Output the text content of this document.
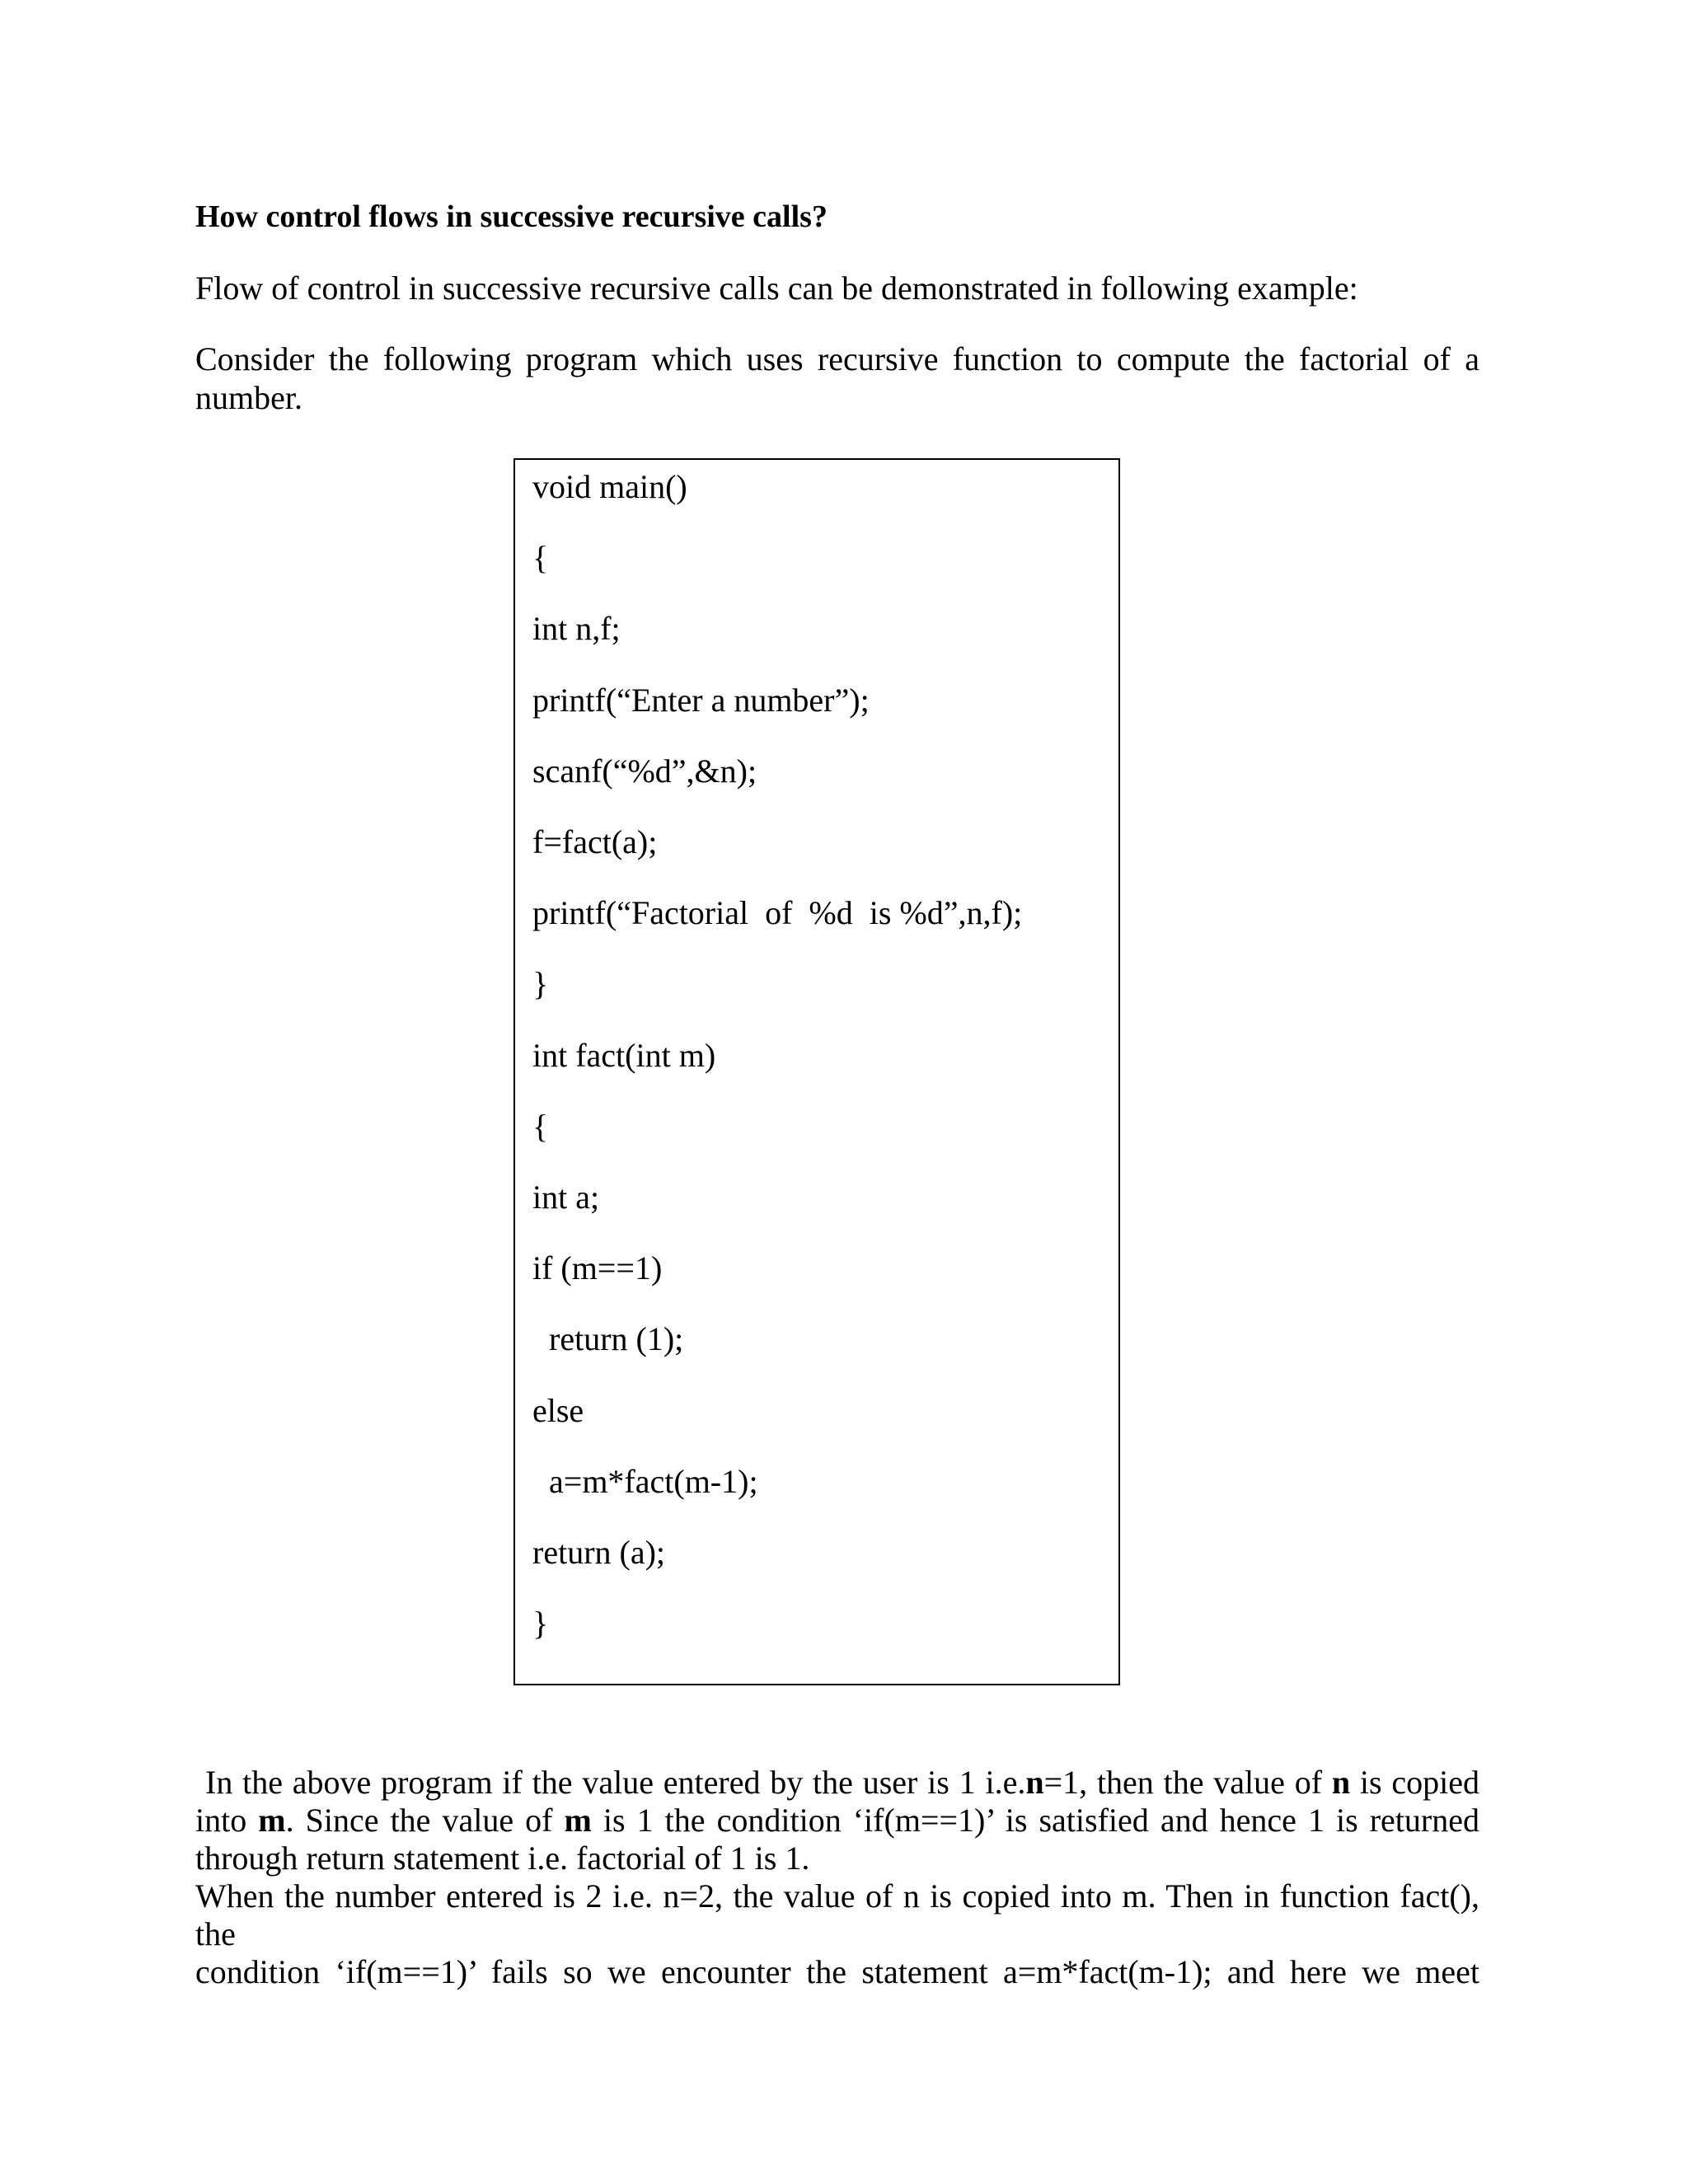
How control flows in successive recursive calls?
Flow of control in successive recursive calls can be demonstrated in following example:
Consider the following program which uses recursive function to compute the factorial of a number.
void main()
{
int n,f;
printf(“Enter a number”);
scanf(“%d”,&n);
f=fact(a);
printf(“Factorial  of  %d  is %d”,n,f);
}
int fact(int m)
{
int a;
if (m==1)
return (1);
else
a=m*fact(m-1);
return (a);
}
In the above program if the value entered by the user is 1 i.e.n=1, then the value of n is copied
into m. Since the value of m is 1 the condition ‘if(m==1)’ is satisfied and hence 1 is returned
through return statement i.e. factorial of 1 is 1.
When the number entered is 2 i.e. n=2, the value of n is copied into m. Then in function fact(), the
condition ‘if(m==1)’ fails so we encounter the statement a=m*fact(m-1); and here we meet
